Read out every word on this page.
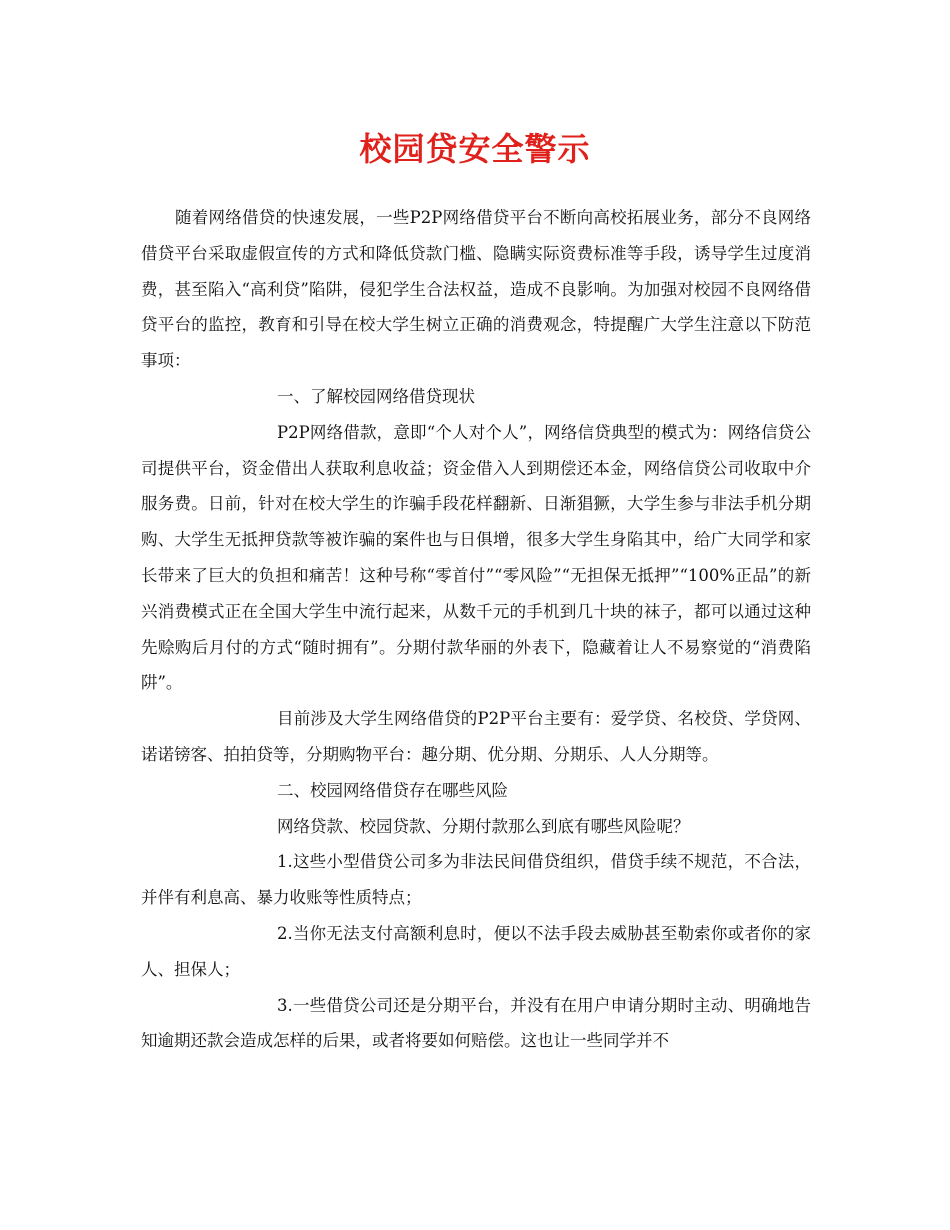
校园贷安全警示

随着网络借贷的快速发展，一些P2P网络借贷平台不断向高校拓展业务，部分不良网络借贷平台采取虚假宣传的方式和降低贷款门槛、隐瞒实际资费标准等手段，诱导学生过度消费，甚至陷入“高利贷”陷阱，侵犯学生合法权益，造成不良影响。为加强对校园不良网络借贷平台的监控，教育和引导在校大学生树立正确的消费观念，特提醒广大学生注意以下防范事项：

一、了解校园网络借贷现状

P2P网络借款，意即“个人对个人”，网络信贷典型的模式为：网络信贷公司提供平台，资金借出人获取利息收益；资金借入人到期偿还本金，网络信贷公司收取中介服务费。日前，针对在校大学生的诈骗手段花样翻新、日渐猖獗，大学生参与非法手机分期购、大学生无抵押贷款等被诈骗的案件也与日俱增，很多大学生身陷其中，给广大同学和家长带来了巨大的负担和痛苦！这种号称“零首付”“零风险”“无担保无抵押”“100%正品”的新兴消费模式正在全国大学生中流行起来，从数千元的手机到几十块的袜子，都可以通过这种先赊购后月付的方式“随时拥有”。分期付款华丽的外表下，隐藏着让人不易察觉的“消费陷阱”。

目前涉及大学生网络借贷的P2P平台主要有：爱学贷、名校贷、学贷网、诺诺镑客、拍拍贷等，分期购物平台：趣分期、优分期、分期乐、人人分期等。

二、校园网络借贷存在哪些风险

网络贷款、校园贷款、分期付款那么到底有哪些风险呢？

1.这些小型借贷公司多为非法民间借贷组织，借贷手续不规范，不合法，并伴有利息高、暴力收账等性质特点；

2.当你无法支付高额利息时，便以不法手段去威胁甚至勒索你或者你的家人、担保人；

3.一些借贷公司还是分期平台，并没有在用户申请分期时主动、明确地告知逾期还款会造成怎样的后果，或者将要如何赔偿。这也让一些同学并不
